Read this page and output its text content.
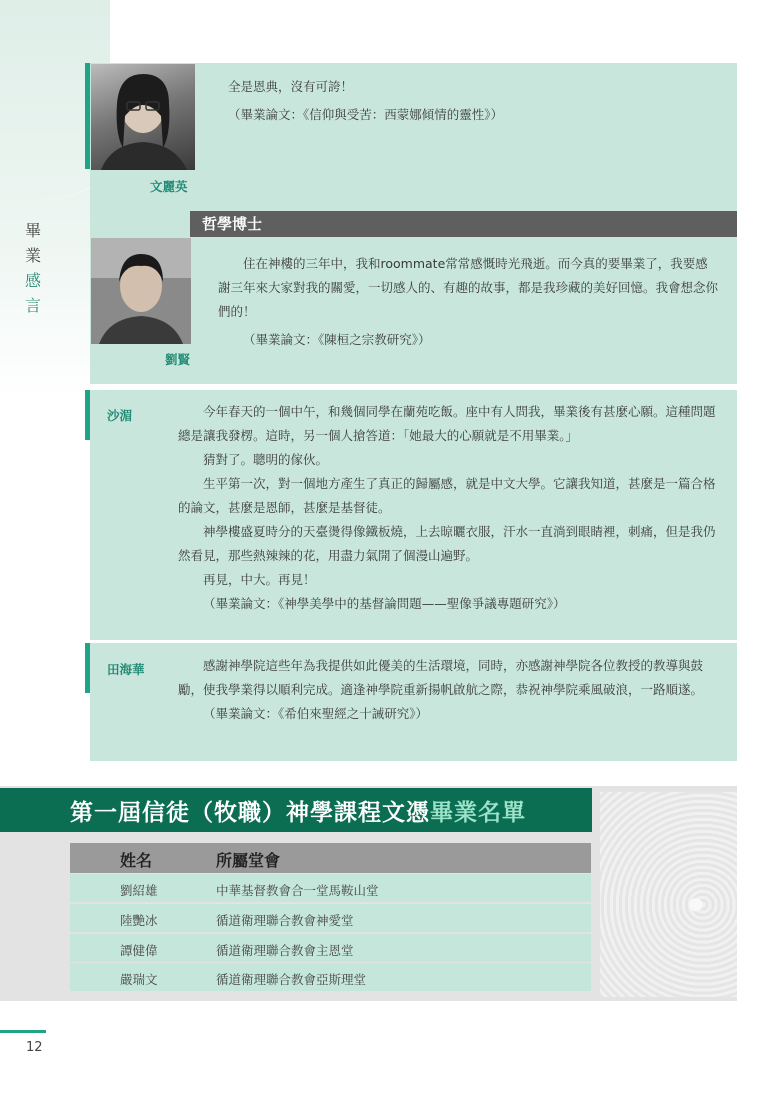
畢
業
感
言
文麗英

全是恩典，沒有可誇！

（畢業論文：《信仰與受苦：西蒙娜傾情的靈性》）

哲學博士
劉賢

住在神樓的三年中，我和roommate常常感慨時光飛逝。而今真的要畢業了，我要感謝三年來大家對我的關愛，一切感人的、有趣的故事，都是我珍藏的美好回憶。我會想念你們的！

（畢業論文：《陳桓之宗教研究》）

沙湄	今年春天的一個中午，和幾個同學在蘭苑吃飯。座中有人問我，畢業後有甚麼心願。這種問題總是讓我發楞。這時，另一個人搶答道：「她最大的心願就是不用畢業。」

猜對了。聰明的傢伙。

生平第一次，對一個地方產生了真正的歸屬感，就是中文大學。它讓我知道，甚麼是一篇合格的論文，甚麼是恩師，甚麼是基督徒。

神學樓盛夏時分的天臺燙得像鐵板燒，上去晾曬衣服，汗水一直淌到眼睛裡，刺痛，但是我仍然看見，那些熱辣辣的花，用盡力氣開了個漫山遍野。

再見，中大。再見！

（畢業論文：《神學美學中的基督論問題——聖像爭議專題研究》）

田海華	感謝神學院這些年為我提供如此優美的生活環境，同時，亦感謝神學院各位教授的教導與鼓勵，使我學業得以順利完成。適逢神學院重新揚帆啟航之際，恭祝神學院乘風破浪，一路順遂。

（畢業論文：《希伯來聖經之十誡研究》）

第一屆信徒（牧職）神學課程文憑畢業名單
姓名	所屬堂會
劉紹雄	中華基督教會合一堂馬鞍山堂
陸艷冰	循道衛理聯合教會神愛堂
譚健偉	循道衛理聯合教會主恩堂
嚴瑞文	循道衛理聯合教會亞斯理堂
12
